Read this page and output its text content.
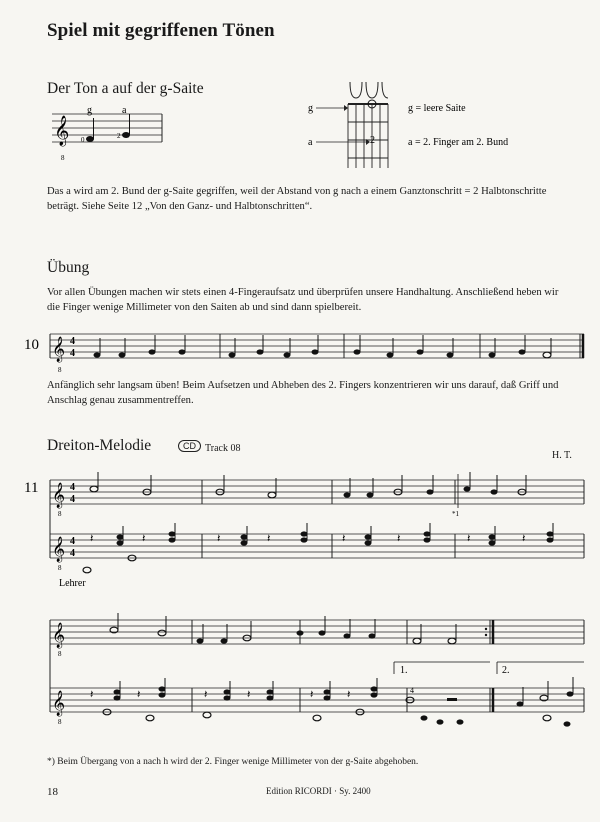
Spiel mit gegriffenen Tönen
Der Ton a auf der g-Saite
𝄞
8
g	a
0	2	2
g
a
g = leere Saite
a = 2. Finger am 2. Bund
Das a wird am 2. Bund der g-Saite gegriffen, weil der Abstand von g nach a einem Ganztonschritt = 2 Halbtonschritte
beträgt. Siehe Seite 12 „Von den Ganz- und Halbtonschritten“.
Übung
Vor allen Übungen machen wir stets einen 4-Fingeraufsatz und überprüfen unsere Handhaltung. Anschließend heben wir
die Finger wenige Millimeter von den Saiten ab und sind dann spielbereit.
10 𝄞 4
4
8
Anfänglich sehr langsam üben! Beim Aufsetzen und Abheben des 2. Fingers konzentrieren wir uns darauf, daß Griff und
Anschlag genau zusammentreffen.
Dreiton-Melodie	CD Track 08
H. T.
11 𝄞
𝄞
4
4
4
4
8
8
*1
𝄽	𝄽	𝄽	𝄽	𝄽	𝄽	𝄽	𝄽
Lehrer
𝄞
𝄞
8
8
1.	2.
𝄽	𝄽	𝄽	𝄽	𝄽	𝄽	4
*) Beim Übergang von a nach h wird der 2. Finger wenige Millimeter von der g-Saite abgehoben.
18	Edition RICORDI · Sy. 2400
